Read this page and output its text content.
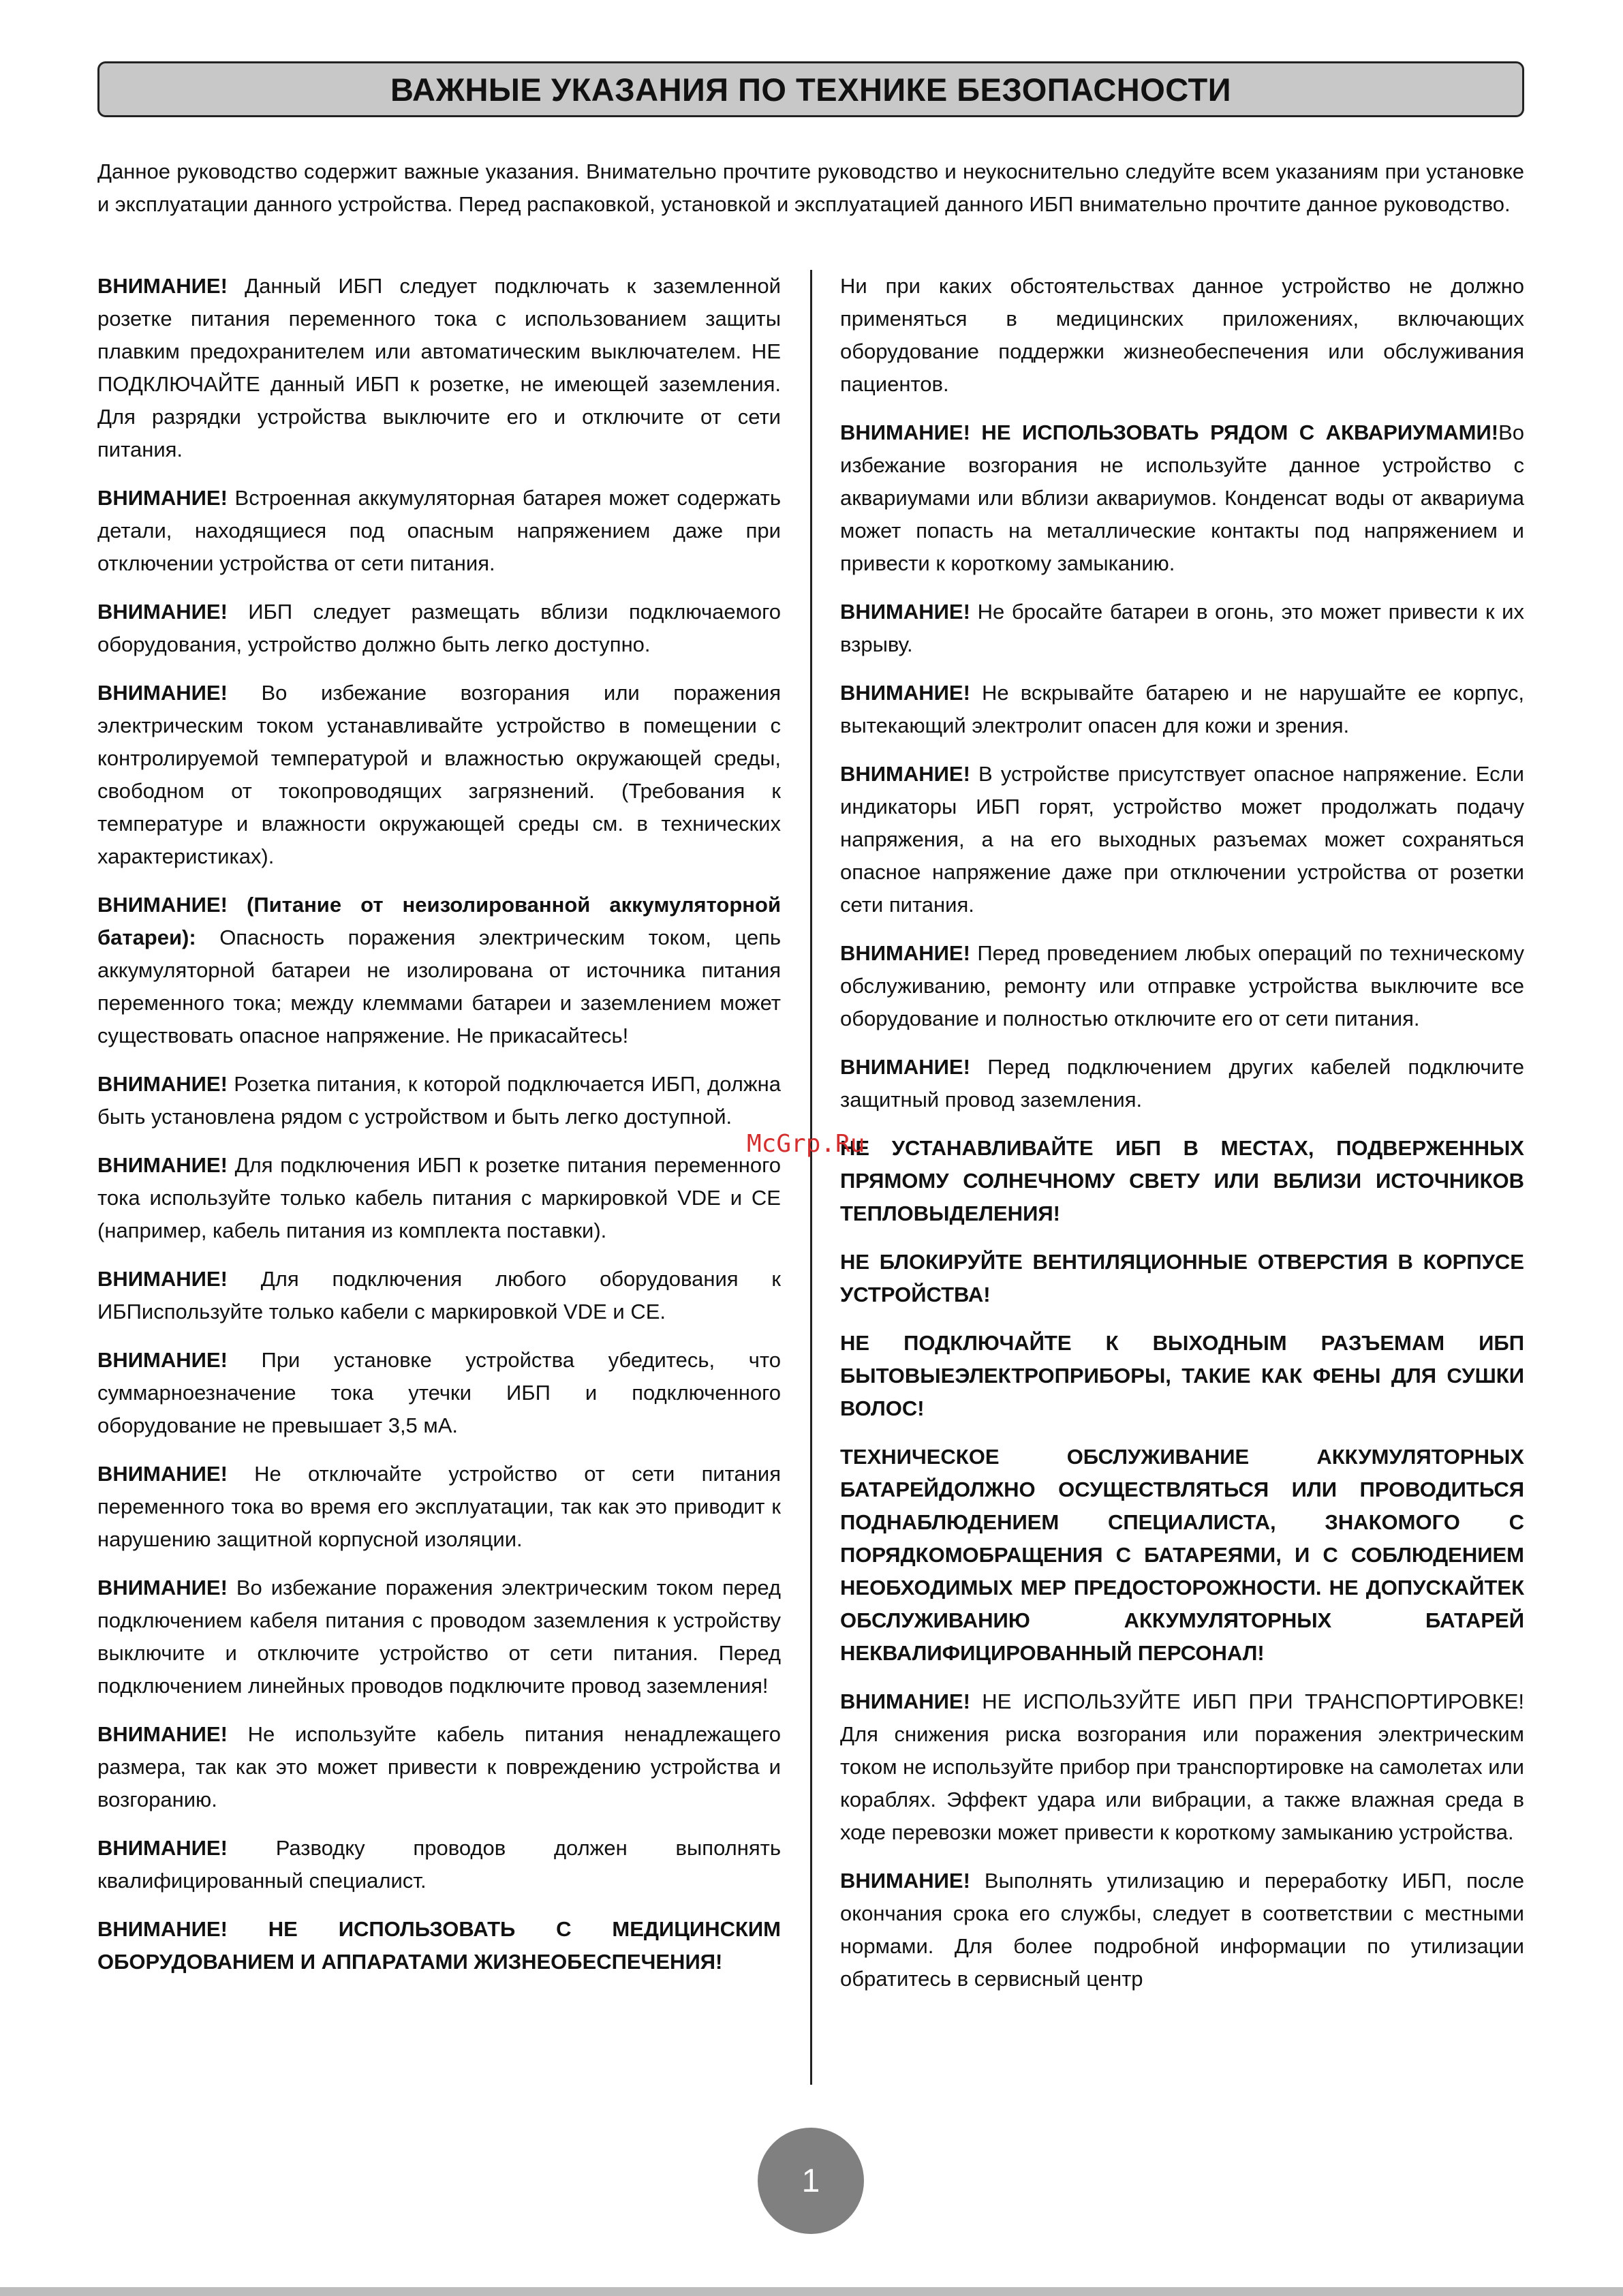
ВАЖНЫЕ УКАЗАНИЯ ПО ТЕХНИКЕ БЕЗОПАСНОСТИ

Данное руководство содержит важные указания. Внимательно прочтите руководство и неукоснительно следуйте всем указаниям при установке и эксплуатации данного устройства. Перед распаковкой, установкой и эксплуатацией данного ИБП внимательно прочтите данное руководство.

ВНИМАНИЕ! Данный ИБП следует подключать к заземленной розетке питания переменного тока с использованием защиты плавким предохранителем или автоматическим выключателем. НЕ ПОДКЛЮЧАЙТЕ данный ИБП к розетке, не имеющей заземления. Для разрядки устройства выключите его и отключите от сети питания.

ВНИМАНИЕ! Встроенная аккумуляторная батарея может содержать детали, находящиеся под опасным напряжением даже при отключении устройства от сети питания.

ВНИМАНИЕ! ИБП следует размещать вблизи подключаемого оборудования, устройство должно быть легко доступно.

ВНИМАНИЕ! Во избежание возгорания или поражения электрическим током устанавливайте устройство в помещении с контролируемой температурой и влажностью окружающей среды, свободном от токопроводящих загрязнений. (Требования к температуре и влажности окружающей среды см. в технических характеристиках).

ВНИМАНИЕ! (Питание от неизолированной аккумуляторной батареи): Опасность поражения электрическим током, цепь аккумуляторной батареи не изолирована от источника питания переменного тока; между клеммами батареи и заземлением может существовать опасное напряжение. Не прикасайтесь!

ВНИМАНИЕ! Розетка питания, к которой подключается ИБП, должна быть установлена рядом с устройством и быть легко доступной.

ВНИМАНИЕ! Для подключения ИБП к розетке питания переменного тока используйте только кабель питания с маркировкой VDE и CE (например, кабель питания из комплекта поставки).

ВНИМАНИЕ! Для подключения любого оборудования к ИБПиспользуйте только кабели с маркировкой VDE и CE.

ВНИМАНИЕ! При установке устройства убедитесь, что суммарноезначение тока утечки ИБП и подключенного оборудование не превышает 3,5 мА.

ВНИМАНИЕ! Не отключайте устройство от сети питания переменного тока во время его эксплуатации, так как это приводит к нарушению защитной корпусной изоляции.

ВНИМАНИЕ! Во избежание поражения электрическим током перед подключением кабеля питания с проводом заземления к устройству выключите и отключите устройство от сети питания. Перед подключением линейных проводов подключите провод заземления!

ВНИМАНИЕ! Не используйте кабель питания ненадлежащего размера, так как это может привести к повреждению устройства и возгоранию.

ВНИМАНИЕ! Разводку проводов должен выполнять квалифицированный специалист.

ВНИМАНИЕ! НЕ ИСПОЛЬЗОВАТЬ С МЕДИЦИНСКИМ ОБОРУДОВАНИЕМ И АППАРАТАМИ ЖИЗНЕОБЕСПЕЧЕНИЯ!

Ни при каких обстоятельствах данное устройство не должно применяться в медицинских приложениях, включающих оборудование поддержки жизнеобеспечения или обслуживания пациентов.

ВНИМАНИЕ! НЕ ИСПОЛЬЗОВАТЬ РЯДОМ С АКВАРИУМАМИ!Во избежание возгорания не используйте данное устройство с аквариумами или вблизи аквариумов. Конденсат воды от аквариума может попасть на металлические контакты под напряжением и привести к короткому замыканию.

ВНИМАНИЕ! Не бросайте батареи в огонь, это может привести к их взрыву.

ВНИМАНИЕ! Не вскрывайте батарею и не нарушайте ее корпус, вытекающий электролит опасен для кожи и зрения.

ВНИМАНИЕ! В устройстве присутствует опасное напряжение. Если индикаторы ИБП горят, устройство может продолжать подачу напряжения, а на его выходных разъемах может сохраняться опасное напряжение даже при отключении устройства от розетки сети питания.

ВНИМАНИЕ! Перед проведением любых операций по техническому обслуживанию, ремонту или отправке устройства выключите все оборудование и полностью отключите его от сети питания.

ВНИМАНИЕ! Перед подключением других кабелей подключите защитный провод заземления.

НЕ УСТАНАВЛИВАЙТЕ ИБП В МЕСТАХ, ПОДВЕРЖЕННЫХ ПРЯМОМУ СОЛНЕЧНОМУ СВЕТУ ИЛИ ВБЛИЗИ ИСТОЧНИКОВ ТЕПЛОВЫДЕЛЕНИЯ!

НЕ БЛОКИРУЙТЕ ВЕНТИЛЯЦИОННЫЕ ОТВЕРСТИЯ В КОРПУСЕ УСТРОЙСТВА!

НЕ ПОДКЛЮЧАЙТЕ К ВЫХОДНЫМ РАЗЪЕМАМ ИБП БЫТОВЫЕЭЛЕКТРОПРИБОРЫ, ТАКИЕ КАК ФЕНЫ ДЛЯ СУШКИ ВОЛОС!

ТЕХНИЧЕСКОЕ ОБСЛУЖИВАНИЕ АККУМУЛЯТОРНЫХ БАТАРЕЙДОЛЖНО ОСУЩЕСТВЛЯТЬСЯ ИЛИ ПРОВОДИТЬСЯ ПОДНАБЛЮДЕНИЕМ СПЕЦИАЛИСТА, ЗНАКОМОГО С ПОРЯДКОМОБРАЩЕНИЯ С БАТАРЕЯМИ, И С СОБЛЮДЕНИЕМ НЕОБХОДИМЫХ МЕР ПРЕДОСТОРОЖНОСТИ. НЕ ДОПУСКАЙТЕК ОБСЛУЖИВАНИЮ АККУМУЛЯТОРНЫХ БАТАРЕЙ НЕКВАЛИФИЦИРОВАННЫЙ ПЕРСОНАЛ!

ВНИМАНИЕ! НЕ ИСПОЛЬЗУЙТЕ ИБП ПРИ ТРАНСПОРТИРОВКЕ! Для снижения риска возгорания или поражения электрическим током не используйте прибор при транспортировке на самолетах или кораблях. Эффект удара или вибрации, а также влажная среда в ходе перевозки может привести к короткому замыканию устройства.

ВНИМАНИЕ! Выполнять утилизацию и переработку ИБП, после окончания срока его службы, следует в соответствии с местными нормами. Для более подробной информации по утилизации обратитесь в сервисный центр

McGrp.Ru
1
